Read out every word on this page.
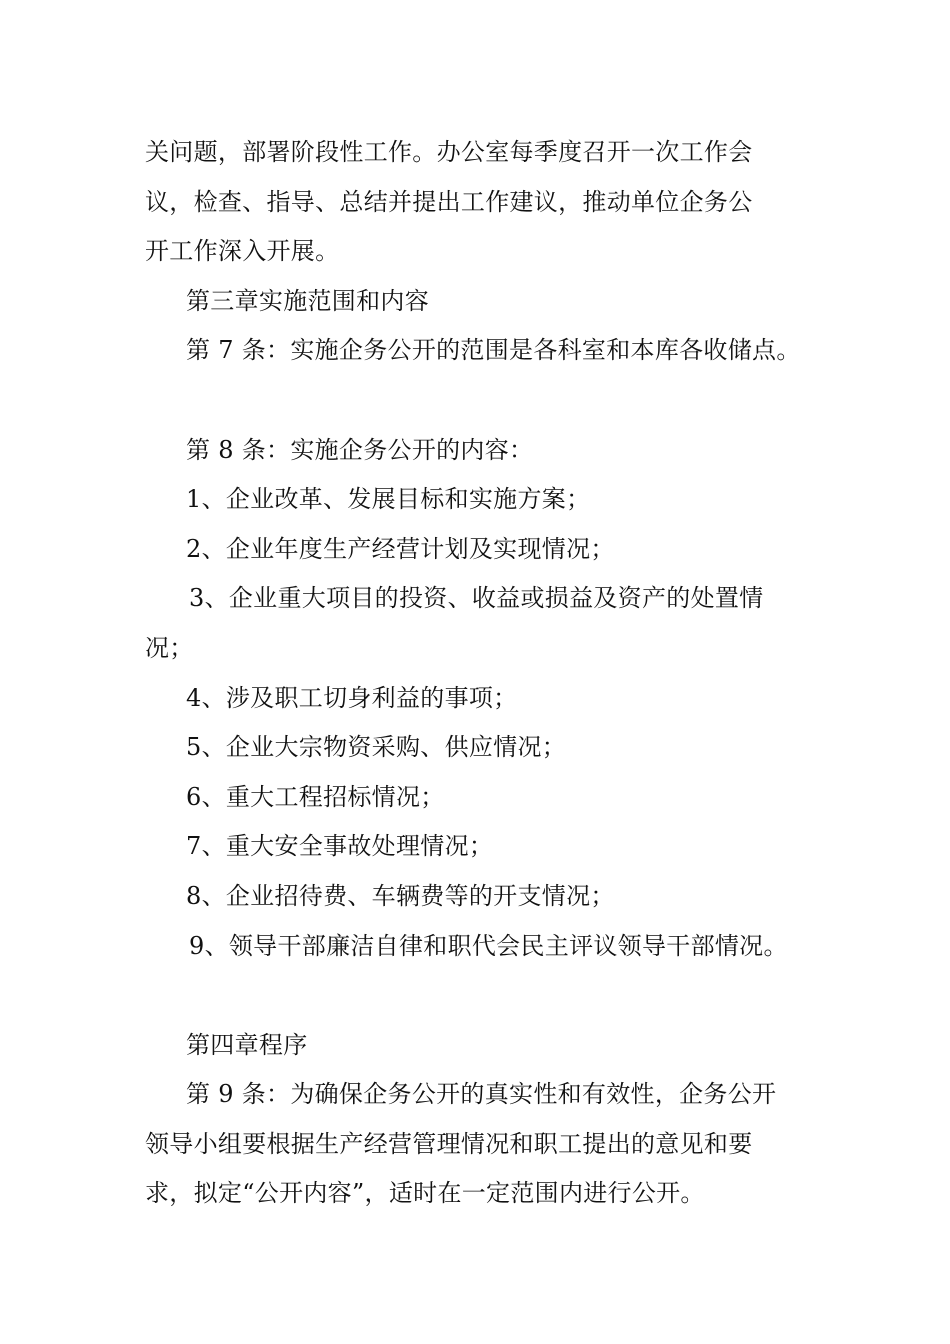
关问题，部署阶段性工作。办公室每季度召开一次工作会
议，检查、指导、总结并提出工作建议，推动单位企务公
开工作深入开展。
第三章实施范围和内容
第 7 条：实施企务公开的范围是各科室和本库各收储点。
第 8 条：实施企务公开的内容：
1、企业改革、发展目标和实施方案；
2、企业年度生产经营计划及实现情况；
3、企业重大项目的投资、收益或损益及资产的处置情
况；
4、涉及职工切身利益的事项；
5、企业大宗物资采购、供应情况；
6、重大工程招标情况；
7、重大安全事故处理情况；
8、企业招待费、车辆费等的开支情况；
9、领导干部廉洁自律和职代会民主评议领导干部情况。
第四章程序
第 9 条：为确保企务公开的真实性和有效性，企务公开
领导小组要根据生产经营管理情况和职工提出的意见和要
求，拟定“公开内容”，适时在一定范围内进行公开。
